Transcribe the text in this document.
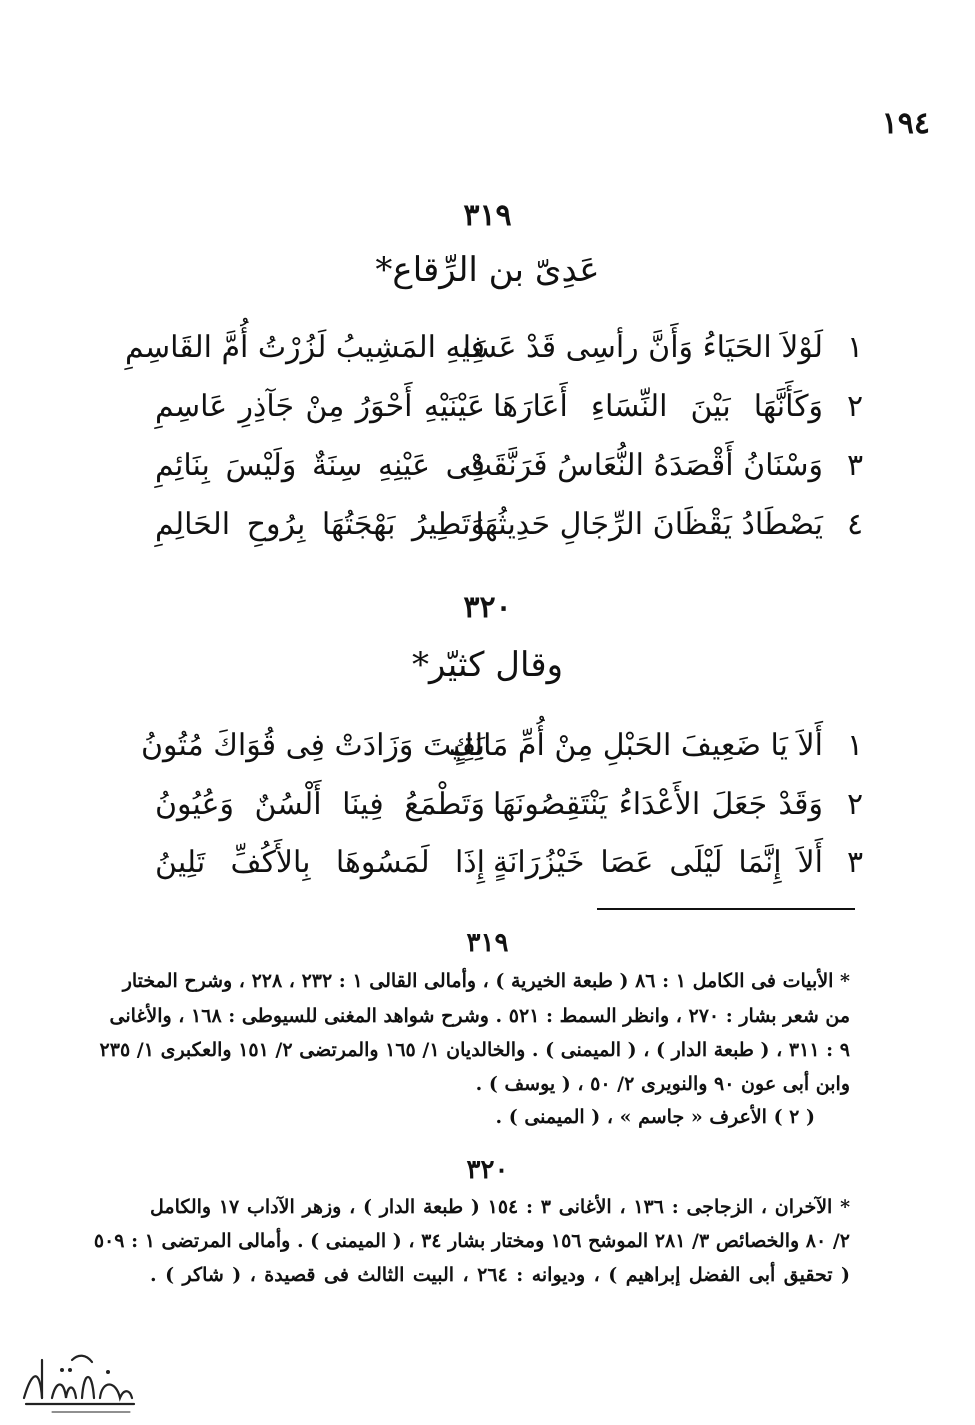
١٩٤
٣١٩
عَدِىّ بن الرِّقاع*
١
لَوْلاَ الحَيَاءُ وَأَنَّ رأسِى قَدْ عَسَا
فِيهِ المَشِيبُ لَزُرْتُ أُمَّ القَاسِمِ
٢
وَكَأَنَّهَا بَيْنَ النِّسَاءِ أَعَارَهَا
عَيْنَيْهِ أَحْوَرُ مِنْ جَآذِرِ عَاسِمِ
٣
وَسْنَانُ أَقْصَدَهُ النُّعَاسُ فَرَنَّقَتْ
فِى عَيْنِهِ سِنَةٌ وَلَيْسَ بِنَائِمِ
٤
يَصْطَادُ يَقْظَانَ الرِّجَالِ حَدِيثُهَا
وَتَطِيرُ بَهْجَتُهَا بِرُوحِ الحَالِمِ
٣٢٠
وقال كثيّر*
١
أَلاَ يَا ضَعِيفَ الحَبْلِ مِنْ أُمِّ مَالِكٍ
بَقِيتَ وَزَادَتْ فِى قُوَاكَ مُتُونُ
٢
وَقَدْ جَعَلَ الأَعْدَاءُ يَنْتَقِصُونَهَا
وَتَطْمَعُ فِينَا أَلْسُنٌ وَعُيُونُ
٣
أَلاَ إِنَّمَا لَيْلَى عَصَا خَيْزُرَانَةٍ
إِذَا لَمَسُوهَا بِالأَكُفِّ تَلِينُ
٣١٩
* الأبيات فى الكامل ١ : ٨٦ ( طبعة الخيرية ) ، وأمالى القالى ١ : ٢٣٢ ، ٢٢٨ ، وشرح المختار
من شعر بشار : ٢٧٠ ، وانظر السمط : ٥٢١ . وشرح شواهد المغنى للسيوطى : ١٦٨ ، والأغانى
٩ : ٣١١ ، ( طبعة الدار ) ، ( الميمنى ) . والخالديان ١/ ١٦٥ والمرتضى ٢/ ١٥١ والعكبرى ١/ ٢٣٥
وابن أبى عون ٩٠ والنويرى ٢/ ٥٠ ، ( يوسف ) .
( ٢ ) الأعرف « جاسم » ، ( الميمنى ) .
٣٢٠
* الآخران ، الزجاجى : ١٣٦ ، الأغانى ٣ : ١٥٤ ( طبعة الدار ) ، وزهر الآداب ١٧ والكامل
٢/ ٨٠ والخصائص ٣/ ٢٨١ الموشح ١٥٦ ومختار بشار ٣٤ ، ( الميمنى ) . وأمالى المرتضى ١ : ٥٠٩
( تحقيق أبى الفضل إبراهيم ) ، وديوانه : ٢٦٤ ، البيت الثالث فى قصيدة ، ( شاكر ) .
